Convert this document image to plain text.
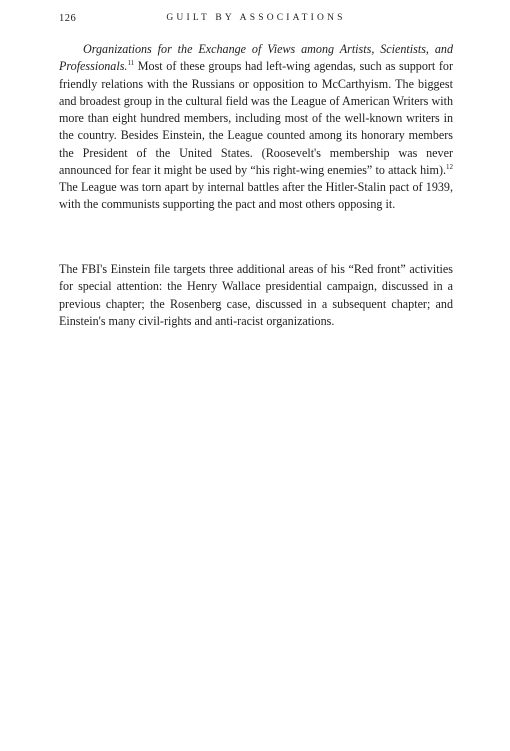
126	GUILT BY ASSOCIATIONS

Organizations for the Exchange of Views among Artists, Scientists, and Professionals.$^{11}$ Most of these groups had left-wing agendas, such as support for friendly relations with the Russians or opposition to McCarthyism. The biggest and broadest group in the cultural field was the League of American Writers with more than eight hundred members, including most of the well-known writers in the country. Besides Einstein, the League counted among its honorary members the President of the United States. (Roosevelt's membership was never announced for fear it might be used by “his right-wing enemies” to attack him).$^{12}$ The League was torn apart by internal battles after the Hitler-Stalin pact of 1939, with the communists supporting the pact and most others opposing it.

The FBI's Einstein file targets three additional areas of his “Red front” activities for special attention: the Henry Wallace presidential campaign, discussed in a previous chapter; the Rosenberg case, discussed in a subsequent chapter; and Einstein's many civil-rights and anti-racist organizations.
